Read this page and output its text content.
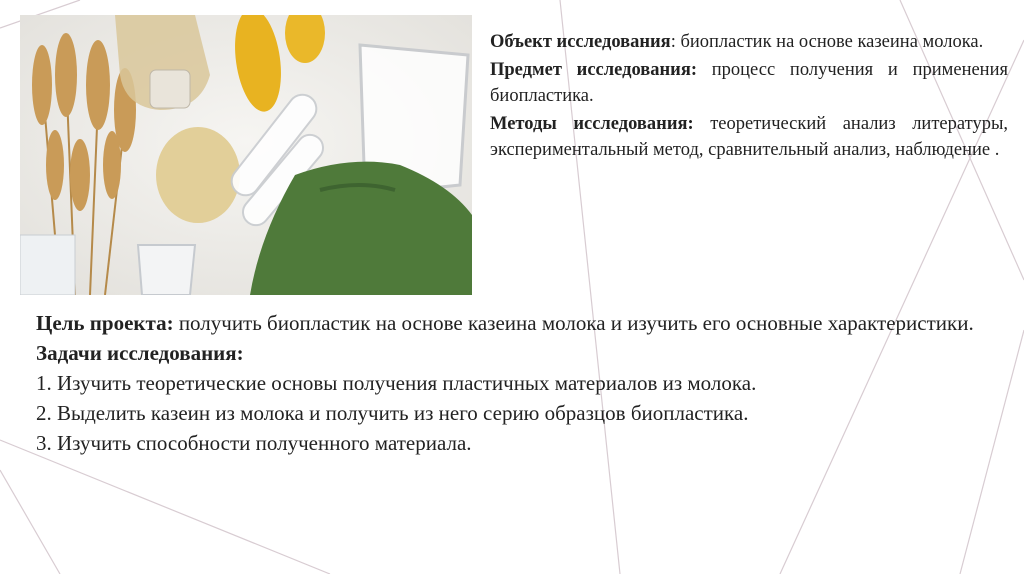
Объект исследования: биопластик на основе казеина молока.

Предмет исследования: процесс получения и применения биопластика.

Методы исследования: теоретический анализ литературы, экспериментальный метод, сравнительный анализ, наблюдение .

Цель проекта: получить биопластик на основе казеина молока и изучить его основные характеристики.

Задачи исследования:

1. Изучить теоретические основы получения пластичных материалов из молока.

2. Выделить казеин из молока и получить из него серию образцов биопластика.

3. Изучить способности полученного материала.
